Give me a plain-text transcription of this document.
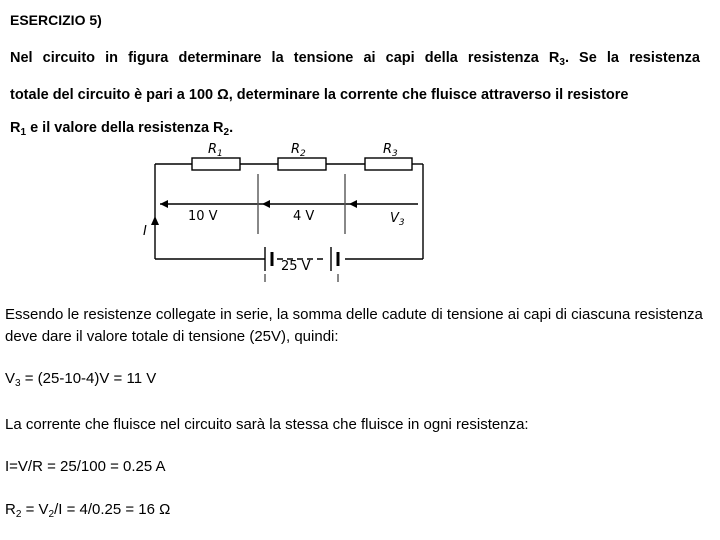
ESERCIZIO 5)
Nel circuito in figura determinare la tensione ai capi della resistenza $R_3$. Se la resistenza
totale del circuito è pari a 100 Ω, determinare la corrente che fluisce attraverso il resistore
$R_1$ e il valore della resistenza $R_2$.
$R_1$	$R_2$	$R_3$
$V_3$
I
10 V	4 V
25 V
Essendo le resistenze collegate in serie, la somma delle cadute di tensione ai capi di ciascuna resistenza deve dare il valore totale di tensione (25V), quindi:
$V_3 = (25-10-4)V = 11$ V
La corrente che fluisce nel circuito sarà la stessa che fluisce in ogni resistenza:
I=V/R = 25/100 = 0.25 A
$R_2 = V_2/I = 4/0.25 = 16$ Ω
